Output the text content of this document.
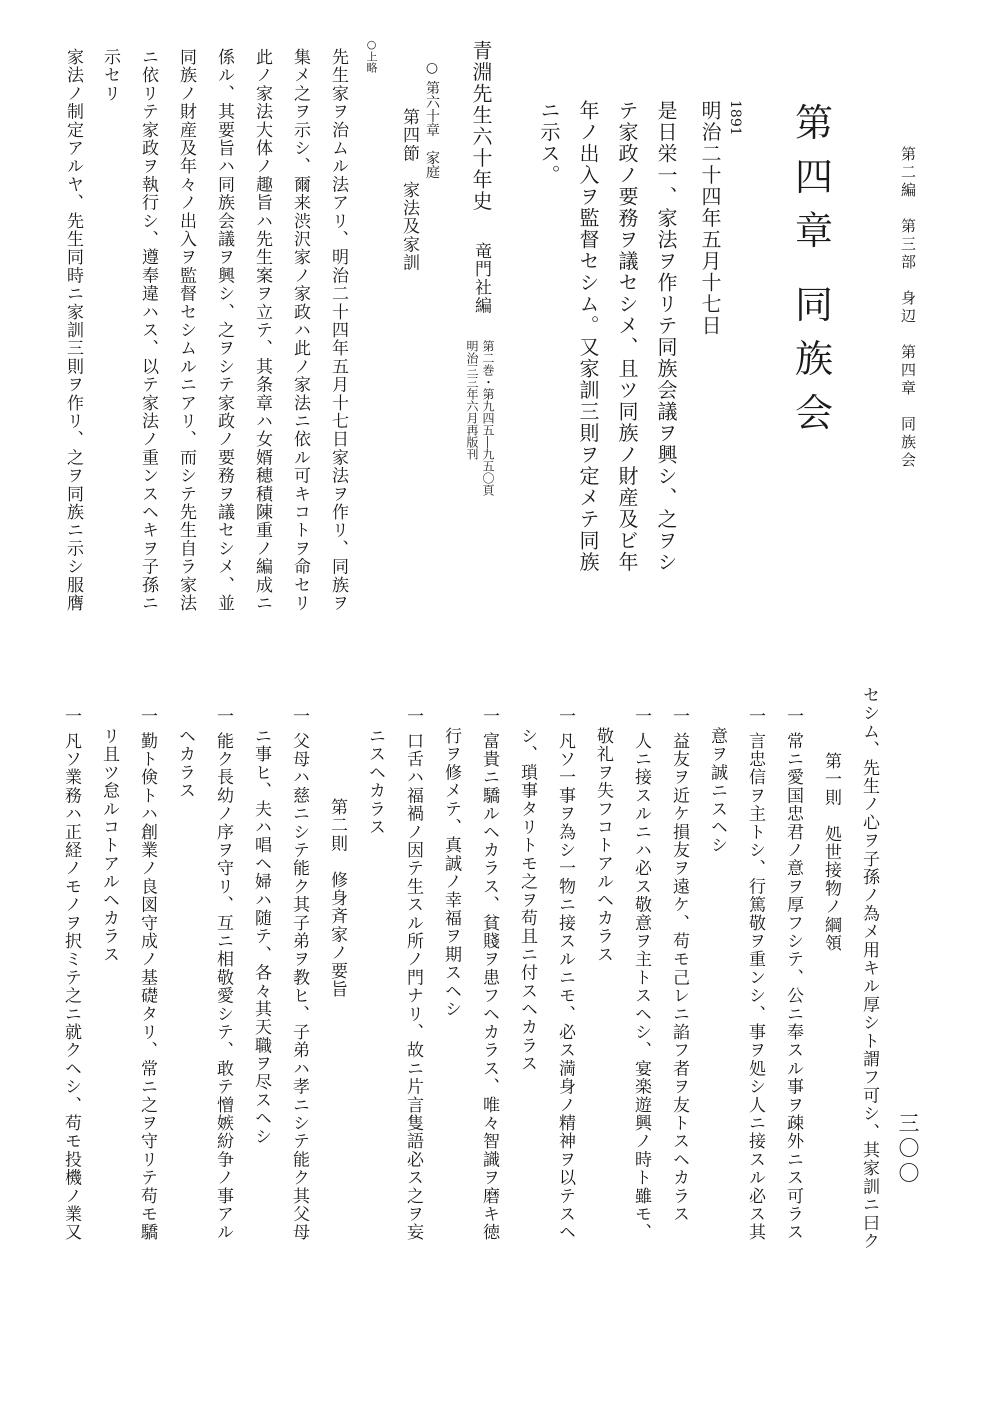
第二編　第三部　身辺　第四章　同族会
三〇〇
第
四
章
同
族
会
1891
明治二十四年五月十七日
是日栄一、家法ヲ作リテ同族会議ヲ興シ、之ヲシ
テ家政ノ要務ヲ議セシメ、且ツ同族ノ財産及ビ年
年ノ出入ヲ監督セシム。又家訓三則ヲ定メテ同族
ニ示ス。
青淵先生六十年史
竜門社編
第二巻・第九四五―九五〇頁
明治三三年六月再版刊
○ 第六十章　家庭
第四節　家法及家訓
○上略
先生家ヲ治ムル法アリ、明治二十四年五月十七日家法ヲ作リ、同族ヲ
集メ之ヲ示シ、爾来渋沢家ノ家政ハ此ノ家法ニ依ル可キコトヲ命セリ
此ノ家法大体ノ趣旨ハ先生案ヲ立テ、其条章ハ女婿穂積陳重ノ編成ニ
係ル、其要旨ハ同族会議ヲ興シ、之ヲシテ家政ノ要務ヲ議セシメ、並
同族ノ財産及年々ノ出入ヲ監督セシムルニアリ、而シテ先生自ラ家法
ニ依リテ家政ヲ執行シ、遵奉違ハス、以テ家法ノ重ンスヘキヲ子孫ニ
示セリ
家法ノ制定アルヤ、先生同時ニ家訓三則ヲ作リ、之ヲ同族ニ示シ服膺
セシム、先生ノ心ヲ子孫ノ為メ用キル厚シト謂フ可シ、其家訓ニ曰ク
第一則　処世接物ノ綱領
一 常ニ愛国忠君ノ意ヲ厚フシテ、公ニ奉スル事ヲ疎外ニス可ラス
一 言忠信ヲ主トシ、行篤敬ヲ重ンシ、事ヲ処シ人ニ接スル必ス其
意ヲ誠ニスヘシ
一 益友ヲ近ケ損友ヲ遠ケ、苟モ己レニ諂フ者ヲ友トスヘカラス
一 人ニ接スルニハ必ス敬意ヲ主トスヘシ、宴楽遊興ノ時ト雖モ、
敬礼ヲ失フコトアルヘカラス
一 凡ソ一事ヲ為シ一物ニ接スルニモ、必ス満身ノ精神ヲ以テスヘ
シ、瑣事タリトモ之ヲ苟且ニ付スヘカラス
一 富貴ニ驕ルヘカラス、貧賤ヲ患フヘカラス、唯々智識ヲ磨キ徳
行ヲ修メテ、真誠ノ幸福ヲ期スヘシ
一 口舌ハ福禍ノ因テ生スル所ノ門ナリ、故ニ片言隻語必ス之ヲ妄
ニスヘカラス
第二則　修身斉家ノ要旨
一 父母ハ慈ニシテ能ク其子弟ヲ教ヒ、子弟ハ孝ニシテ能ク其父母
ニ事ヒ、夫ハ唱ヘ婦ハ随テ、各々其天職ヲ尽スヘシ
一 能ク長幼ノ序ヲ守リ、互ニ相敬愛シテ、敢テ憎嫉紛争ノ事アル
ヘカラス
一 勤ト倹トハ創業ノ良図守成ノ基礎タリ、常ニ之ヲ守リテ苟モ驕
リ且ツ怠ルコトアルヘカラス
一 凡ソ業務ハ正経ノモノヲ択ミテ之ニ就クヘシ、苟モ投機ノ業又
